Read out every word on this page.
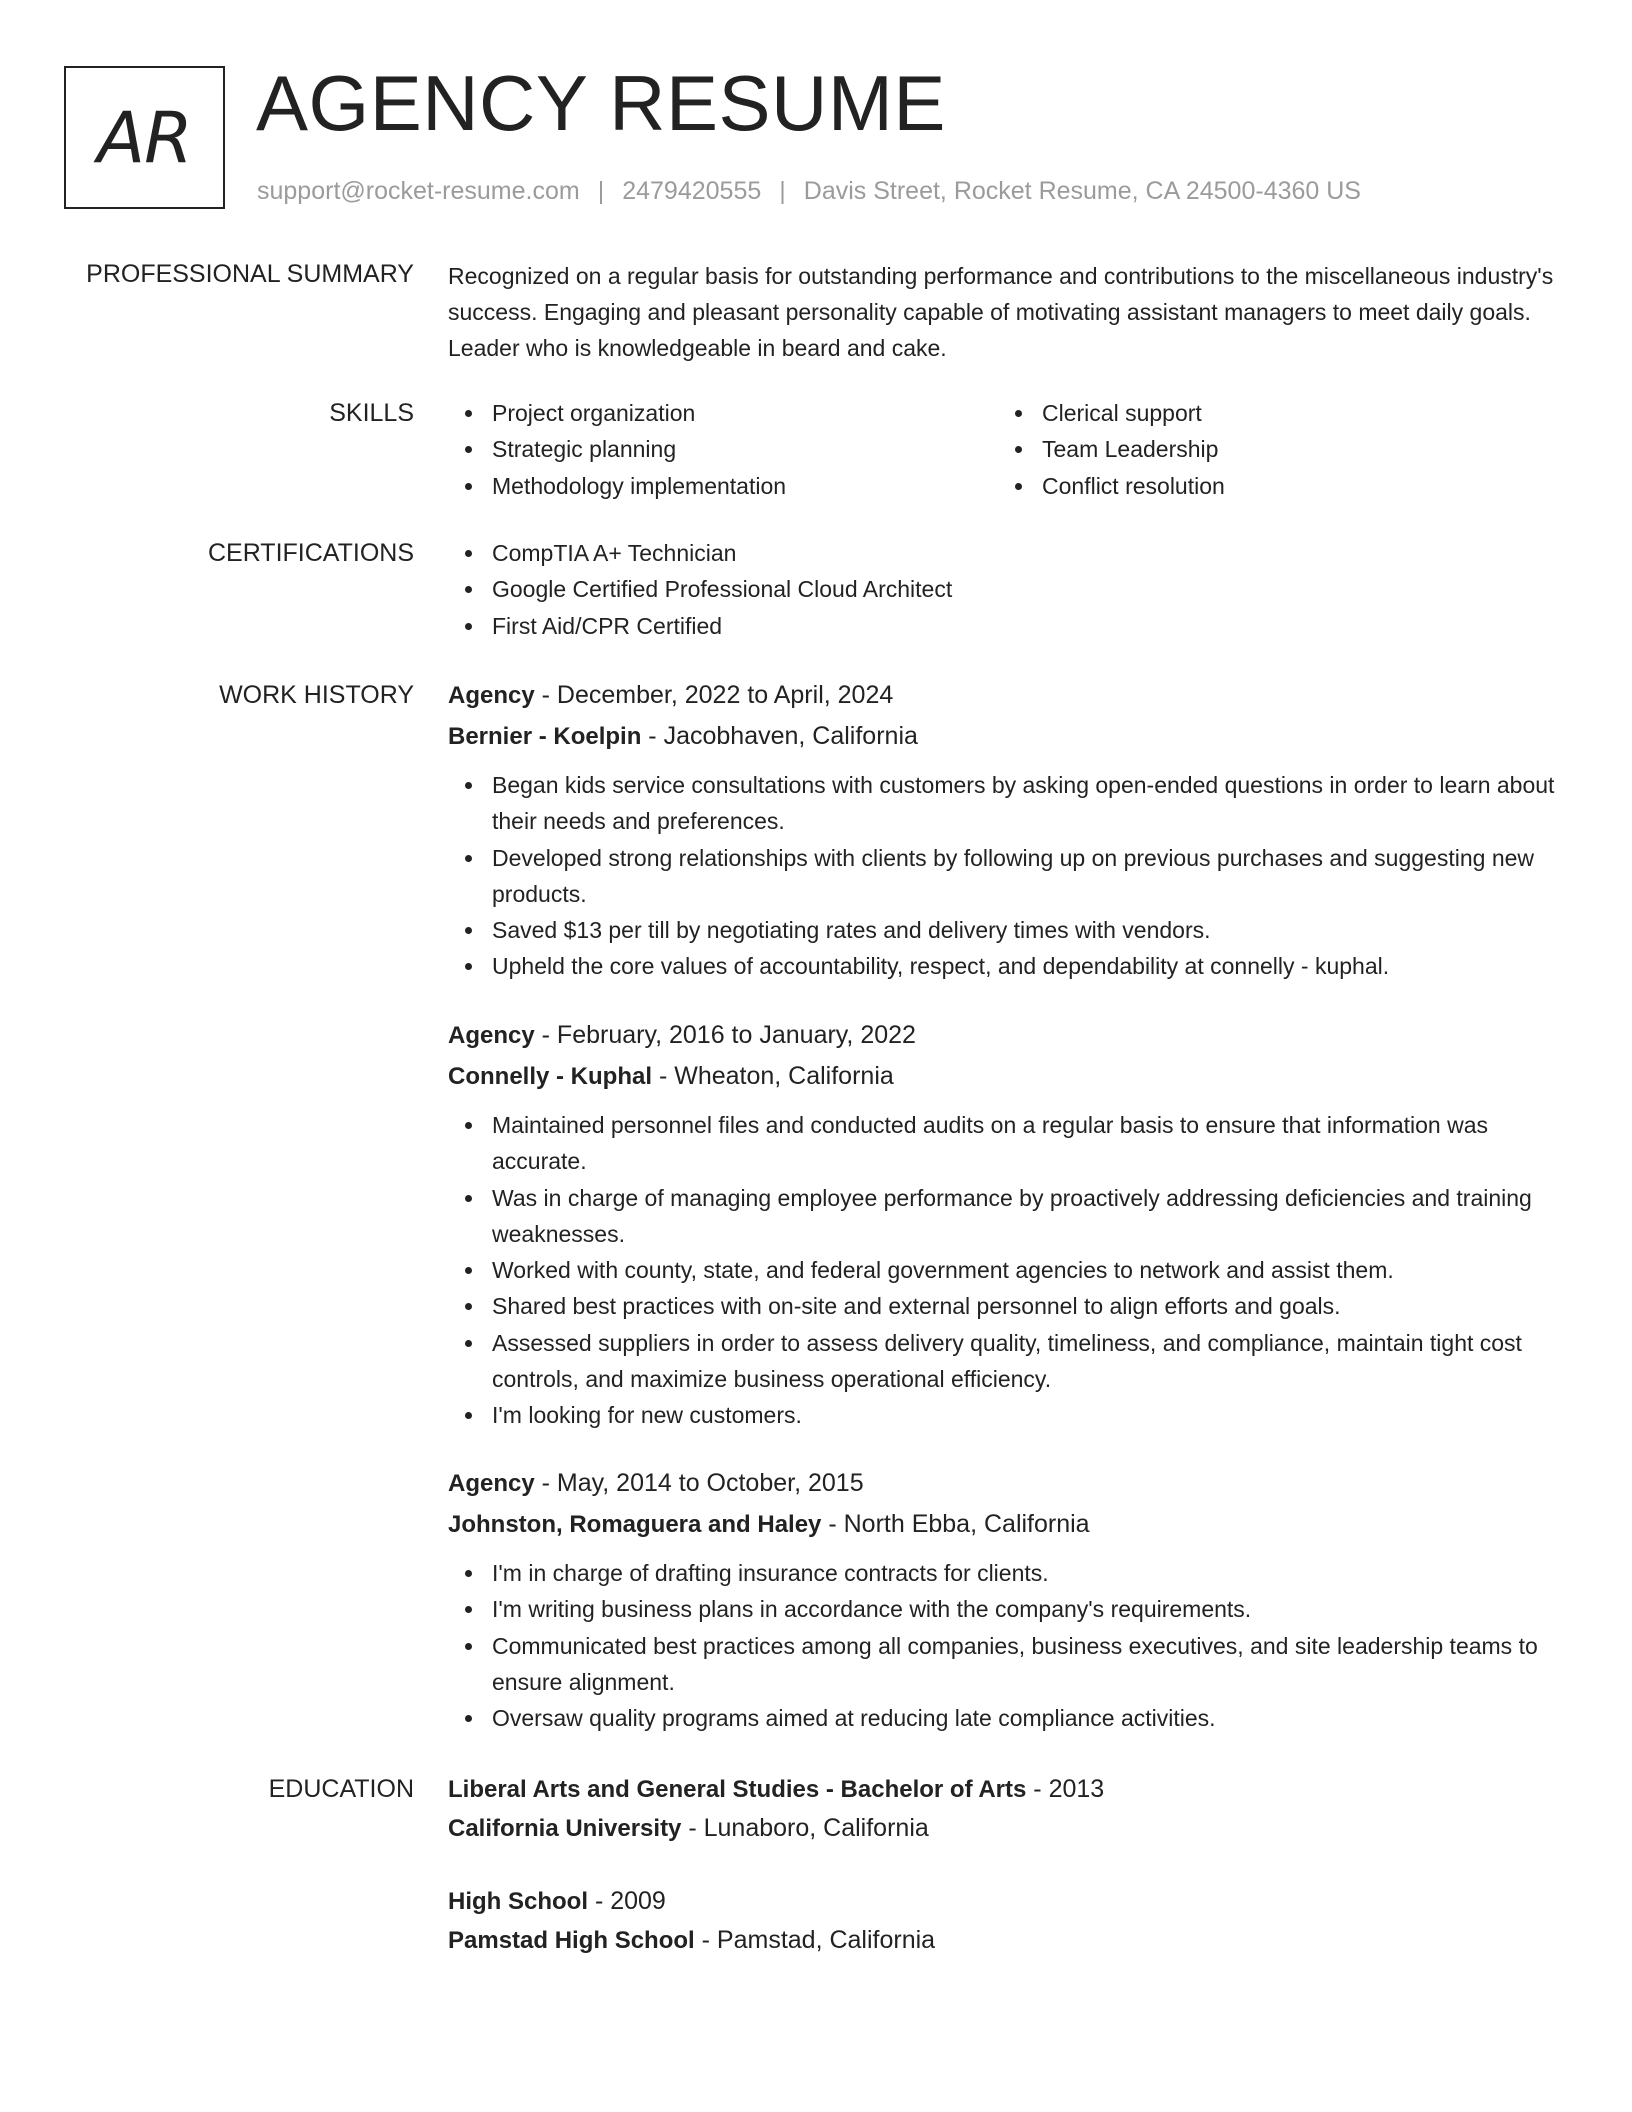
AR AGENCY RESUME
support@rocket-resume.com | 2479420555 | Davis Street, Rocket Resume, CA 24500-4360 US
PROFESSIONAL SUMMARY Recognized on a regular basis for outstanding performance and contributions to the miscellaneous industry's success. Engaging and pleasant personality capable of motivating assistant managers to meet daily goals. Leader who is knowledgeable in beard and cake.

SKILLS	Project organization
Strategic planning
Methodology implementation
Clerical support
Team Leadership
Conflict resolution
CERTIFICATIONS	CompTIA A+ Technician
Google Certified Professional Cloud Architect
First Aid/CPR Certified
WORK HISTORY Agency - December, 2022 to April, 2024
Bernier - Koelpin - Jacobhaven, California
Began kids service consultations with customers by asking open-ended questions in order to learn about their needs and preferences.
Developed strong relationships with clients by following up on previous purchases and suggesting new products.
Saved $13 per till by negotiating rates and delivery times with vendors.
Upheld the core values of accountability, respect, and dependability at connelly - kuphal.
Agency - February, 2016 to January, 2022
Connelly - Kuphal - Wheaton, California
Maintained personnel files and conducted audits on a regular basis to ensure that information was accurate.
Was in charge of managing employee performance by proactively addressing deficiencies and training weaknesses.
Worked with county, state, and federal government agencies to network and assist them.
Shared best practices with on-site and external personnel to align efforts and goals.
Assessed suppliers in order to assess delivery quality, timeliness, and compliance, maintain tight cost controls, and maximize business operational efficiency.
I'm looking for new customers.
Agency - May, 2014 to October, 2015
Johnston, Romaguera and Haley - North Ebba, California
I'm in charge of drafting insurance contracts for clients.
I'm writing business plans in accordance with the company's requirements.
Communicated best practices among all companies, business executives, and site leadership teams to ensure alignment.
Oversaw quality programs aimed at reducing late compliance activities.
EDUCATION Liberal Arts and General Studies - Bachelor of Arts - 2013
California University - Lunaboro, California
High School - 2009
Pamstad High School - Pamstad, California
